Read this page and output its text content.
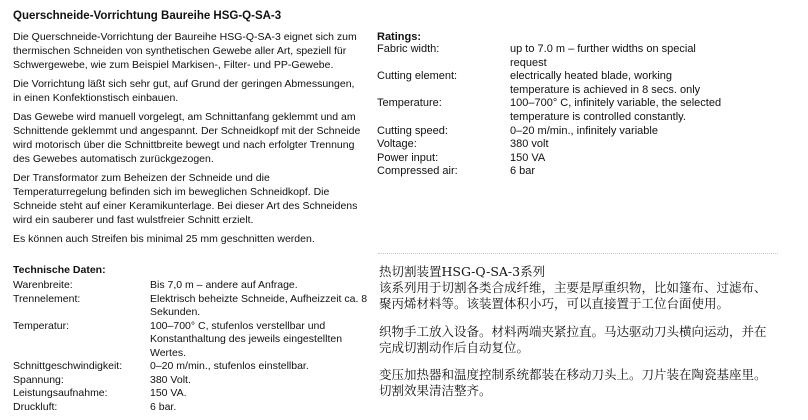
Querschneide-Vorrichtung Baureihe HSG-Q-SA-3

Die Querschneide-Vorrichtung der Baureihe HSG-Q-SA-3 eignet sich zum thermischen Schneiden von synthetischen Gewebe aller Art, speziell für Schwergewebe, wie zum Beispiel Markisen-, Filter- und PP-Gewebe.

Die Vorrichtung läßt sich sehr gut, auf Grund der geringen Abmessungen, in einen Konfektionstisch einbauen.

Das Gewebe wird manuell vorgelegt, am Schnittanfang geklemmt und am Schnittende geklemmt und angespannt. Der Schneidkopf mit der Schneide wird motorisch über die Schnittbreite bewegt und nach erfolgter Trennung des Gewebes automatisch zurückgezogen.

Der Transformator zum Beheizen der Schneide und die Temperaturregelung befinden sich im beweglichen Schneidkopf. Die Schneide steht auf einer Keramikunterlage. Bei dieser Art des Schneidens wird ein sauberer und fast wulstfreier Schnitt erzielt.

Es können auch Streifen bis minimal 25 mm geschnitten werden.

Technische Daten:
Warenbreite:	Bis 7,0 m – andere auf Anfrage.
Trennelement:	Elektrisch beheizte Schneide, Aufheizzeit ca. 8 Sekunden.
Temperatur:	100–700° C, stufenlos verstellbar und Konstanthaltung des jeweils eingestellten Wertes.
Schnittgeschwindigkeit:	0–20 m/min., stufenlos einstellbar.
Spannung:	380 Volt.
Leistungsaufnahme:	150 VA.
Druckluft:	6 bar.
Ratings:
Fabric width:	up to 7.0 m – further widths on special request
Cutting element:	electrically heated blade, working temperature is achieved in 8 secs. only
Temperature:	100–700° C, infinitely variable, the selected temperature is controlled constantly.
Cutting speed:	0–20 m/min., infinitely variable
Voltage:	380 volt
Power input:	150 VA
Compressed air:	6 bar

热切割装置HSG-Q-SA-3系列
该系列用于切割各类合成纤维，主要是厚重织物，比如篷布、过滤布、聚丙烯材料等。该装置体积小巧，可以直接置于工位台面使用。

织物手工放入设备。材料两端夹紧拉直。马达驱动刀头横向运动，并在完成切割动作后自动复位。

变压加热器和温度控制系统都装在移动刀头上。刀片装在陶瓷基座里。切割效果清洁整齐。
